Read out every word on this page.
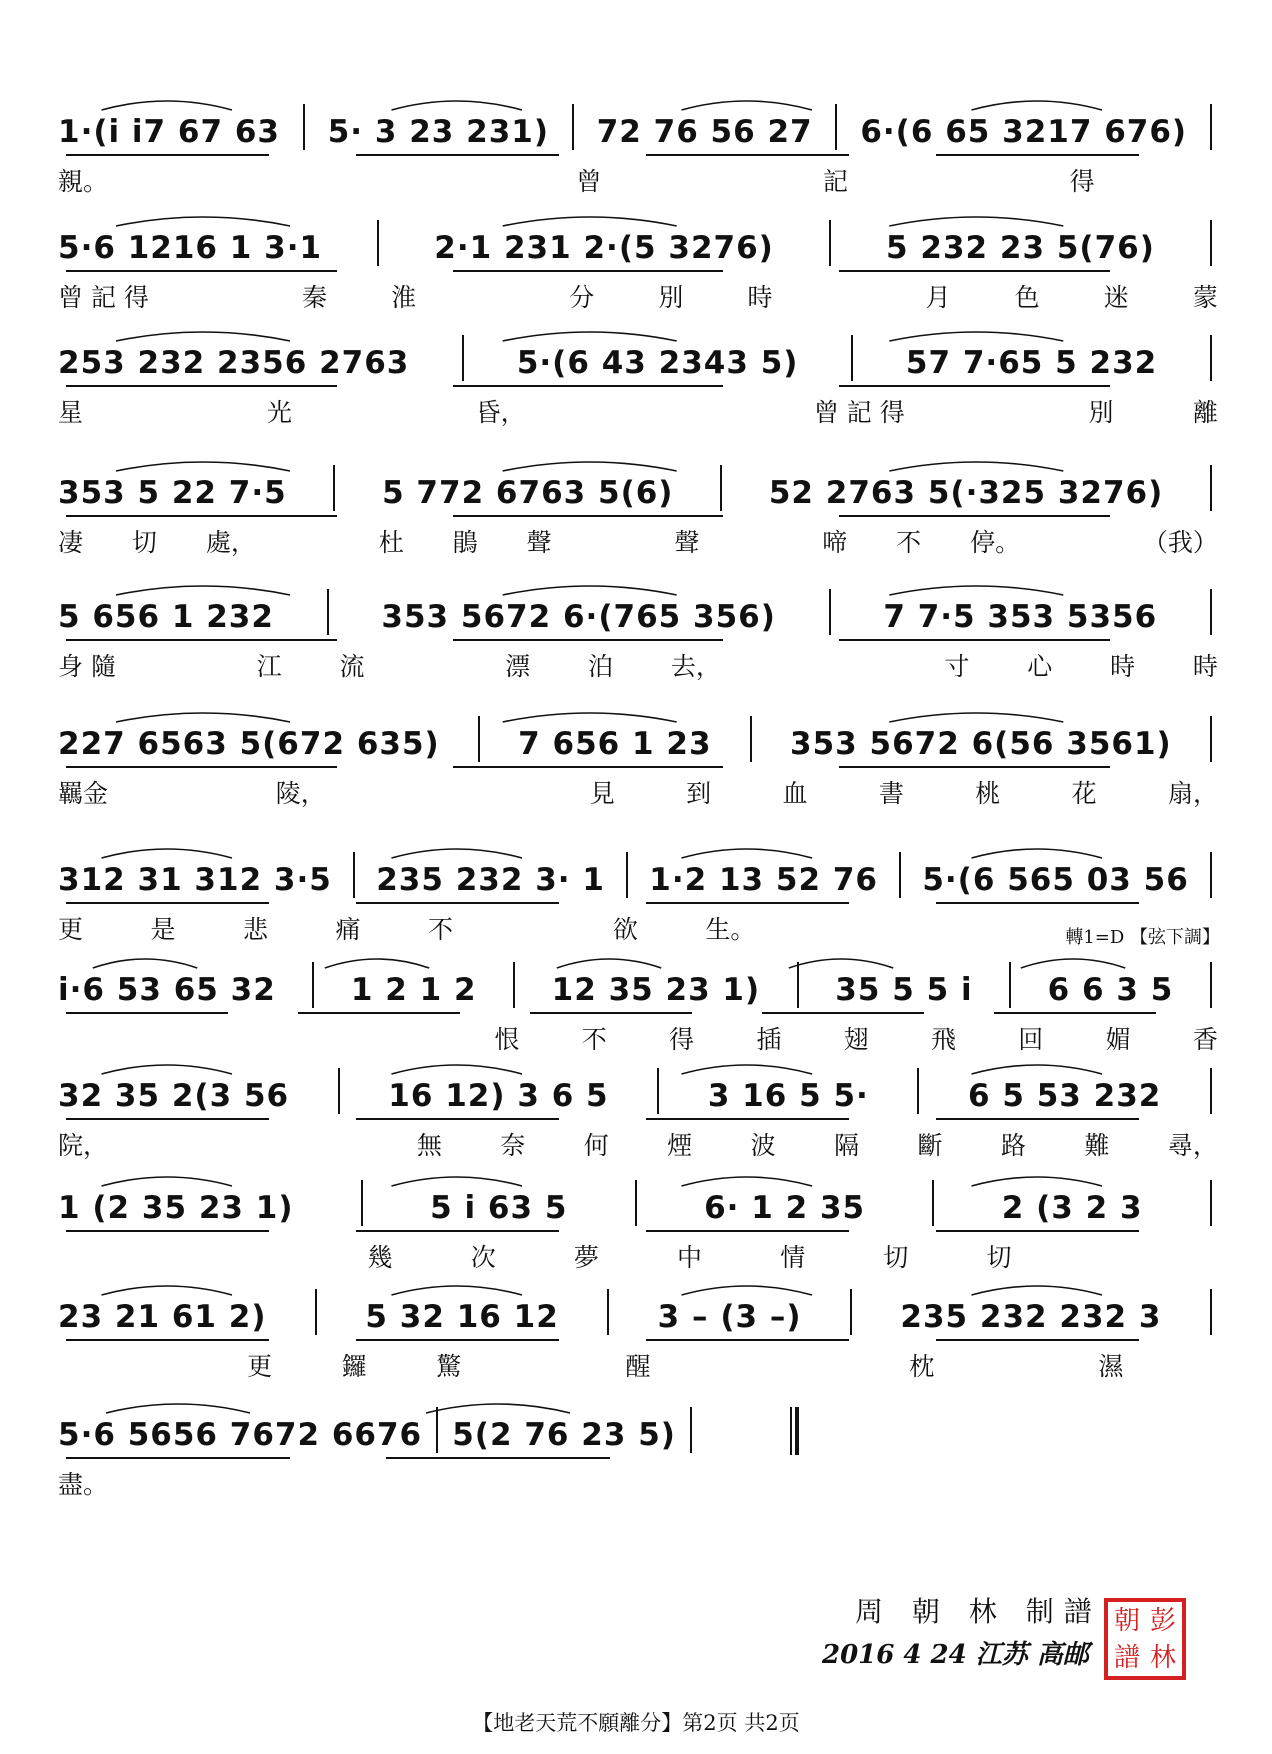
1·(i̇ i̇7 67 63 5· 3 23 231) 72 76 56 27 6·(6 65 3217 676)
親。	曾	記	得
5·6 1216 1 3·1	2·1 231 2·(5 3276)	5 232 23 5(76)
曾 記 得	秦	淮	分	別	時	月	色	迷	蒙
253 232 2356 2763	5·(6 43 2343 5)	57 7·65 5 232
星	光	昏，	曾 記 得	別	離
353 5 22 7·5	5 772 6763 5(6)	52 2763 5(·325 3276)
凄 切 處，	杜 鵑 聲	聲	啼 不 停。	（我）
5 656 1 232	353 5672 6·(765 356)	7 7·5 353 5356
身 隨	江 流	漂 泊 去，	寸 心 時 時
227 6563 5(672 635)	7 656 1 23	353 5672 6(56 3561)
羈金	陵，	見	到	血	書	桃	花	扇，
312 31 312 3·5 235 232 3· 1 1·2 13 52 76 5·(6 565 03 56
更	是	悲	痛	不	欲	生。
i̇·6 53 65 32 1 2 1 2 12 35 23 1) 35 5 5 i̇ 6 6 3 5
恨 不 得 插 翅 飛 回 媚 香
32 35 2(3 56	16 12) 3 6 5	3 16 5 5·	6 5 53 232
院，	無 奈 何 煙 波 隔 斷 路 難 尋，
1 (2 35 23 1)	5 i̇ 63 5	6· 1 2 35	2 (3 2 3
幾	次	夢	中	情	切	切
23 21 61 2)	5 32 16 12	3 – (3 –)	235 232 232 3
更	鑼	驚	醒	枕	濕
5·6 5656 7672 6676 5(2 76 23 5)
盡。
轉1=D 【弦下調】
周 朝 林 制譜
2016 4 24 江苏 高邮
朝 彭
譜 林
【地老天荒不願離分】第2页 共2页
